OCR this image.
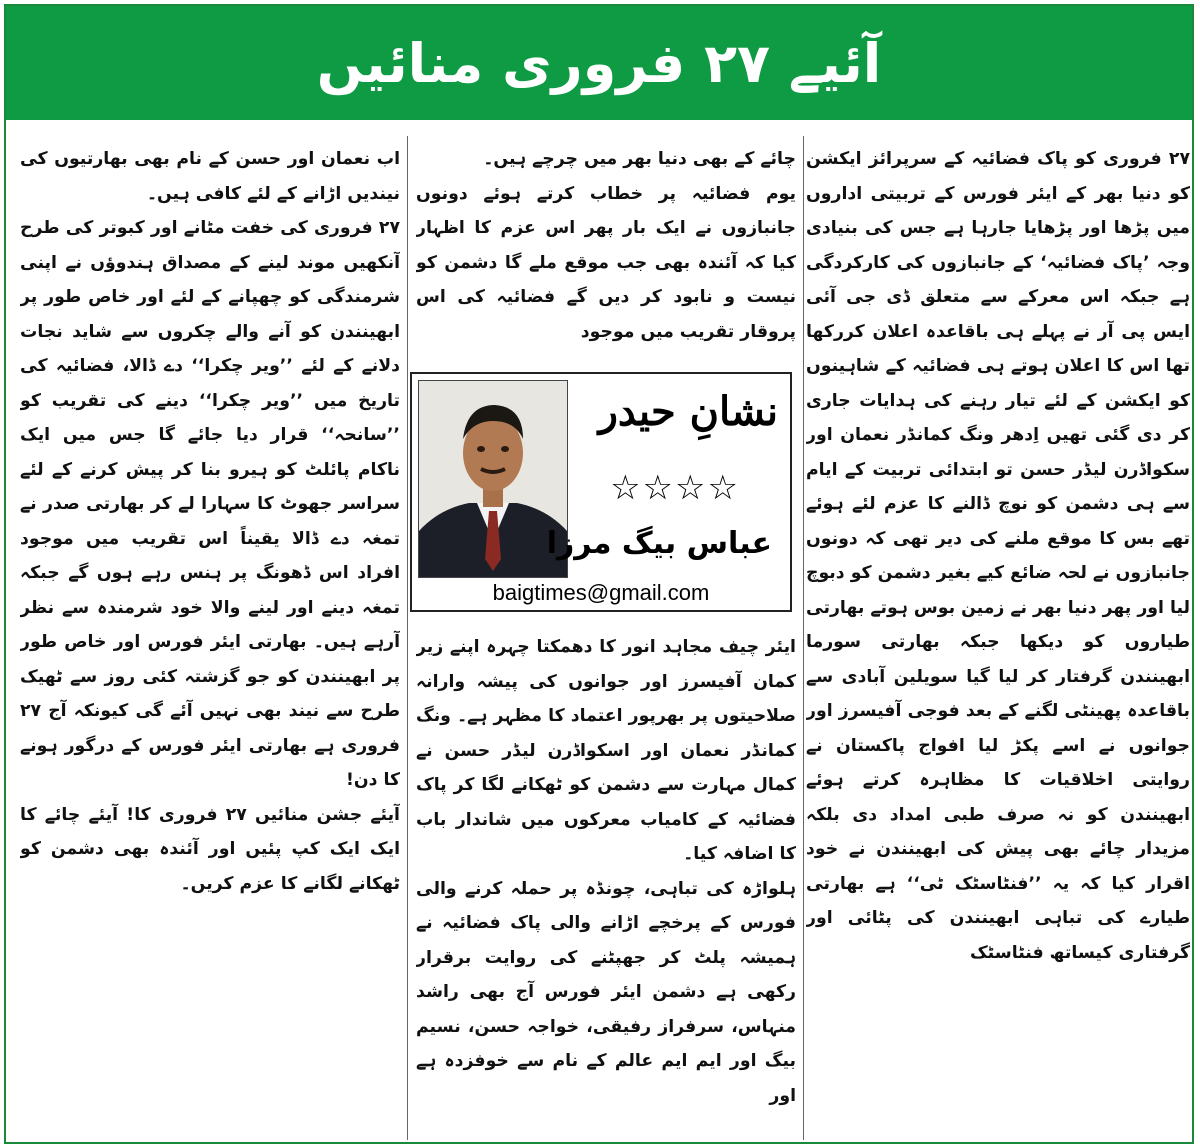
آئیے ۲۷ فروری منائیں

۲۷ فروری کو پاک فضائیہ کے سرپرائز ایکشن کو دنیا بھر کے ایئر فورس کے تربیتی اداروں میں پڑھا اور پڑھایا جارہا ہے جس کی بنیادی وجہ ’پاک فضائیہ‘ کے جانبازوں کی کارکردگی ہے جبکہ اس معرکے سے متعلق ڈی جی آئی ایس پی آر نے پہلے ہی باقاعدہ اعلان کررکھا تھا اس کا اعلان ہوتے ہی فضائیہ کے شاہینوں کو ایکشن کے لئے تیار رہنے کی ہدایات جاری کر دی گئی تھیں اِدھر ونگ کمانڈر نعمان اور سکواڈرن لیڈر حسن تو ابتدائی تربیت کے ایام سے ہی دشمن کو نوچ ڈالنے کا عزم لئے ہوئے تھے بس کا موقع ملنے کی دیر تھی کہ دونوں جانبازوں نے لحہ ضائع کیے بغیر دشمن کو دبوچ لیا اور پھر دنیا بھر نے زمین بوس ہوتے بھارتی طیاروں کو دیکھا جبکہ بھارتی سورما ابھینندن گرفتار کر لیا گیا سویلین آبادی سے باقاعدہ پھینٹی لگنے کے بعد فوجی آفیسرز اور جوانوں نے اسے پکڑ لیا افواج پاکستان نے روایتی اخلاقیات کا مظاہرہ کرتے ہوئے ابھینندن کو نہ صرف طبی امداد دی بلکہ مزیدار چائے بھی پیش کی ابھینندن نے خود اقرار کیا کہ یہ ’’فنٹاسٹک ٹی‘‘ ہے بھارتی طیارے کی تباہی ابھینندن کی پٹائی اور گرفتاری کیساتھ فنٹاسٹک

چائے کے بھی دنیا بھر میں چرچے ہیں۔

یوم فضائیہ پر خطاب کرتے ہوئے دونوں جانبازوں نے ایک بار پھر اس عزم کا اظہار کیا کہ آئندہ بھی جب موقع ملے گا دشمن کو نیست و نابود کر دیں گے فضائیہ کی اس پروقار تقریب میں موجود

ایئر چیف مجاہد انور کا دھمکتا چہرہ اپنے زیر کمان آفیسرز اور جوانوں کی پیشہ وارانہ صلاحیتوں پر بھرپور اعتماد کا مظہر ہے۔ ونگ کمانڈر نعمان اور اسکواڈرن لیڈر حسن نے کمال مہارت سے دشمن کو ٹھکانے لگا کر پاک فضائیہ کے کامیاب معرکوں میں شاندار باب کا اضافہ کیا۔

ہلواڑہ کی تباہی، چونڈہ پر حملہ کرنے والی فورس کے پرخچے اڑانے والی پاک فضائیہ نے ہمیشہ پلٹ کر جھپٹنے کی روایت برقرار رکھی ہے دشمن ایئر فورس آج بھی راشد منہاس، سرفراز رفیقی، خواجہ حسن، نسیم بیگ اور ایم ایم عالم کے نام سے خوفزدہ ہے اور

اب نعمان اور حسن کے نام بھی بھارتیوں کی نیندیں اڑانے کے لئے کافی ہیں۔

۲۷ فروری کی خفت مٹانے اور کبوتر کی طرح آنکھیں موند لینے کے مصداق ہندوؤں نے اپنی شرمندگی کو چھپانے کے لئے اور خاص طور پر ابھینندن کو آنے والے چکروں سے شاید نجات دلانے کے لئے ’’ویر چکرا‘‘ دے ڈالا، فضائیہ کی تاریخ میں ’’ویر چکرا‘‘ دینے کی تقریب کو ’’سانحہ‘‘ قرار دیا جائے گا جس میں ایک ناکام پائلٹ کو ہیرو بنا کر پیش کرنے کے لئے سراسر جھوٹ کا سہارا لے کر بھارتی صدر نے تمغہ دے ڈالا یقیناً اس تقریب میں موجود افراد اس ڈھونگ پر ہنس رہے ہوں گے جبکہ تمغہ دینے اور لینے والا خود شرمندہ سے نظر آرہے ہیں۔ بھارتی ایئر فورس اور خاص طور پر ابھینندن کو جو گزشتہ کئی روز سے ٹھیک طرح سے نیند بھی نہیں آئے گی کیونکہ آج ۲۷ فروری ہے بھارتی ایئر فورس کے درگور ہونے کا دن!

آیئے جشن منائیں ۲۷ فروری کا! آیئے چائے کا ایک ایک کپ پئیں اور آئندہ بھی دشمن کو ٹھکانے لگانے کا عزم کریں۔

نشانِ حیدر
☆☆☆☆
عباس بیگ مرزا
baigtimes@gmail.com
